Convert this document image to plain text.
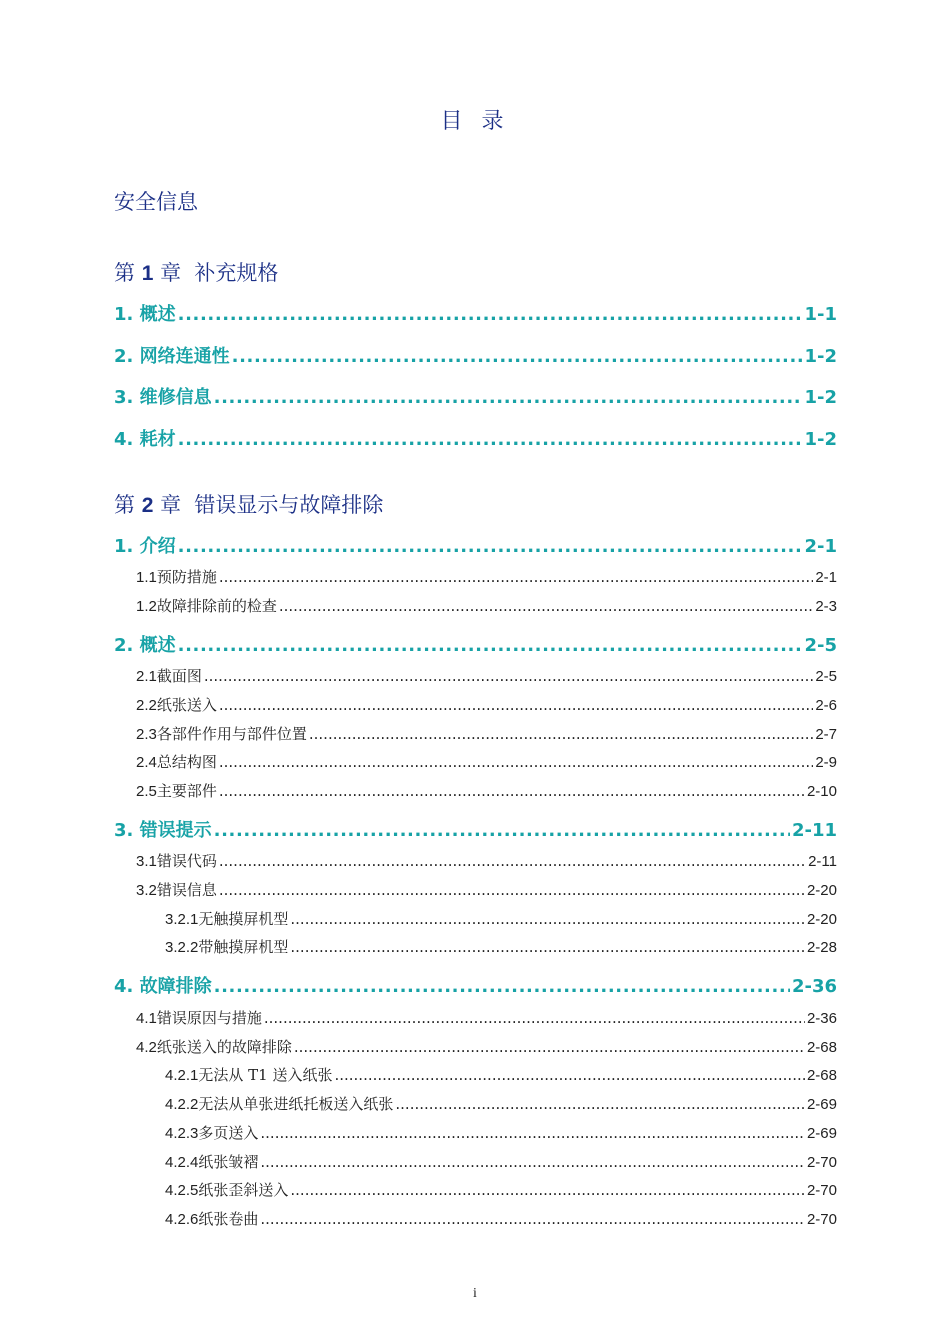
目 录
安全信息
第 1 章 补充规格
1. 概述 .....	1-1
2. 网络连通性 .....	1-2
3. 维修信息 .....	1-2
4. 耗材 .....	1-2
第 2 章 错误显示与故障排除
1. 介绍 .....	2-1
1.1 预防措施 .....	2-1
1.2 故障排除前的检查 .....	2-3
2. 概述 .....	2-5
2.1 截面图 .....	2-5
2.2 纸张送入 .....	2-6
2.3 各部件作用与部件位置 .....	2-7
2.4 总结构图 .....	2-9
2.5 主要部件 .....	2-10
3. 错误提示 .....	2-11
3.1 错误代码 .....	2-11
3.2 错误信息 .....	2-20
3.2.1 无触摸屏机型 .....	2-20
3.2.2 带触摸屏机型 .....	2-28
4. 故障排除 .....	2-36
4.1 错误原因与措施 .....	2-36
4.2 纸张送入的故障排除 .....	2-68
4.2.1 无法从 T1 送入纸张 .....	2-68
4.2.2 无法从单张进纸托板送入纸张 .....	2-69
4.2.3 多页送入 .....	2-69
4.2.4 纸张皱褶 .....	2-70
4.2.5 纸张歪斜送入 .....	2-70
4.2.6 纸张卷曲 .....	2-70
i
